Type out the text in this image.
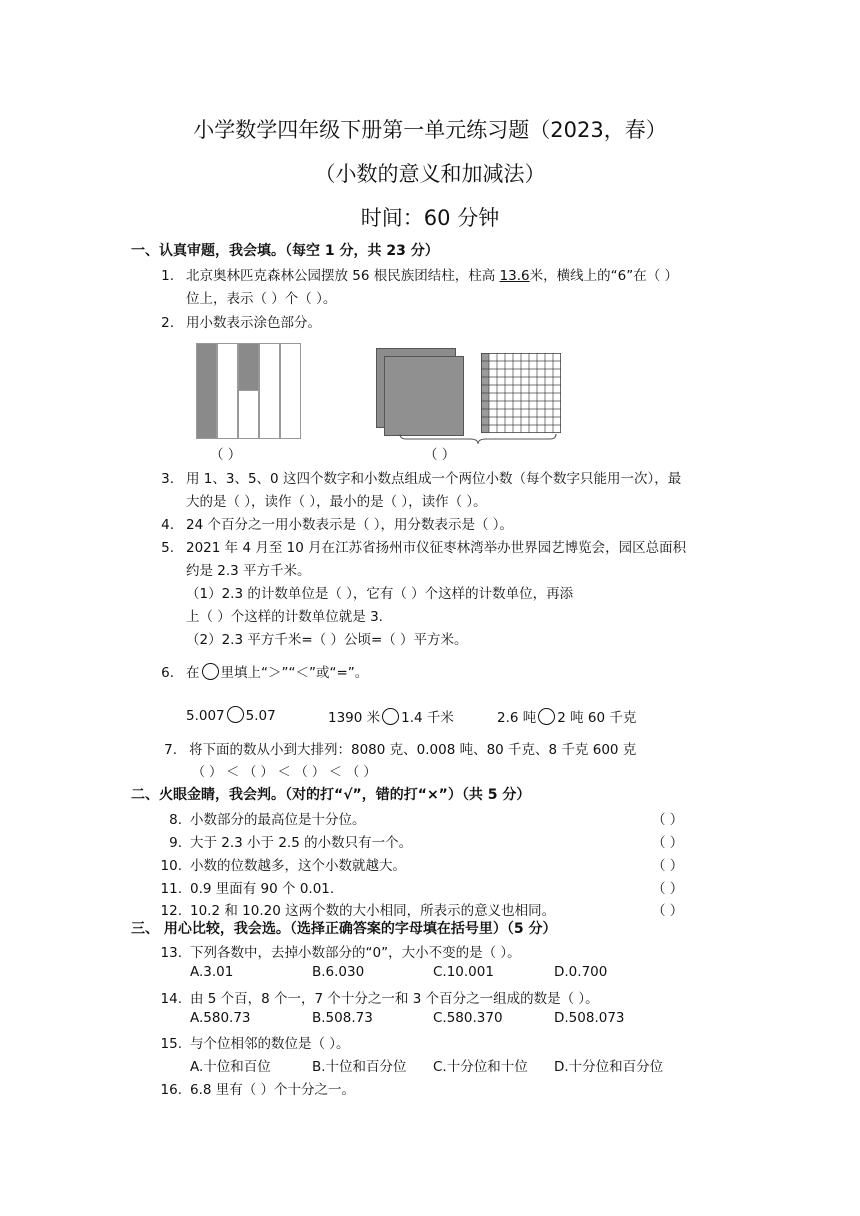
小学数学四年级下册第一单元练习题（2023，春）
（小数的意义和加减法）
时间：60 分钟
一、认真审题，我会填。（每空 1 分，共 23 分）
1. 北京奥林匹克森林公园摆放 56 根民族团结柱，柱高 13.6米，横线上的“6”在（ ）
位上，表示（ ）个（ ）。
2. 用小数表示涂色部分。
（ ）	（ ）
3. 用 1、3、5、0 这四个数字和小数点组成一个两位小数（每个数字只能用一次），最
大的是（ ），读作（ ），最小的是（ ），读作（ ）。
4. 24 个百分之一用小数表示是（ ），用分数表示是（ ）。
5. 2021 年 4 月至 10 月在江苏省扬州市仪征枣林湾举办世界园艺博览会，园区总面积
约是 2.3 平方千米。
（1）2.3 的计数单位是（ ），它有（ ）个这样的计数单位，再添
上（ ）个这样的计数单位就是 3.
（2）2.3 平方千米=（ ）公顷=（ ）平方米。
6. 在 里填上“＞”“＜”或“=”。
5.007 5.07	1390 米 1.4 千米	2.6 吨 2 吨 60 千克
7. 将下面的数从小到大排列：8080 克、0.008 吨、80 千克、8 千克 600 克
（ ） ＜ （ ） ＜ （ ） ＜ （ ）
二、火眼金睛，我会判。（对的打“√”，错的打“×”）（共 5 分）
8. 小数部分的最高位是十分位。	（ ）
9. 大于 2.3 小于 2.5 的小数只有一个。	（ ）
10. 小数的位数越多，这个小数就越大。	（ ）
11. 0.9 里面有 90 个 0.01.	（ ）
12. 10.2 和 10.20 这两个数的大小相同，所表示的意义也相同。	（ ）
三、 用心比较，我会选。（选择正确答案的字母填在括号里）（5 分）
13. 下列各数中，去掉小数部分的“0”，大小不变的是（ ）。
A.3.01	B.6.030	C.10.001	D.0.700
14. 由 5 个百，8 个一，7 个十分之一和 3 个百分之一组成的数是（ ）。
A.580.73	B.508.73	C.580.370	D.508.073
15. 与个位相邻的数位是（ ）。
A.十位和百位	B.十位和百分位 C.十分位和十位 D.十分位和百分位
16. 6.8 里有（ ）个十分之一。
